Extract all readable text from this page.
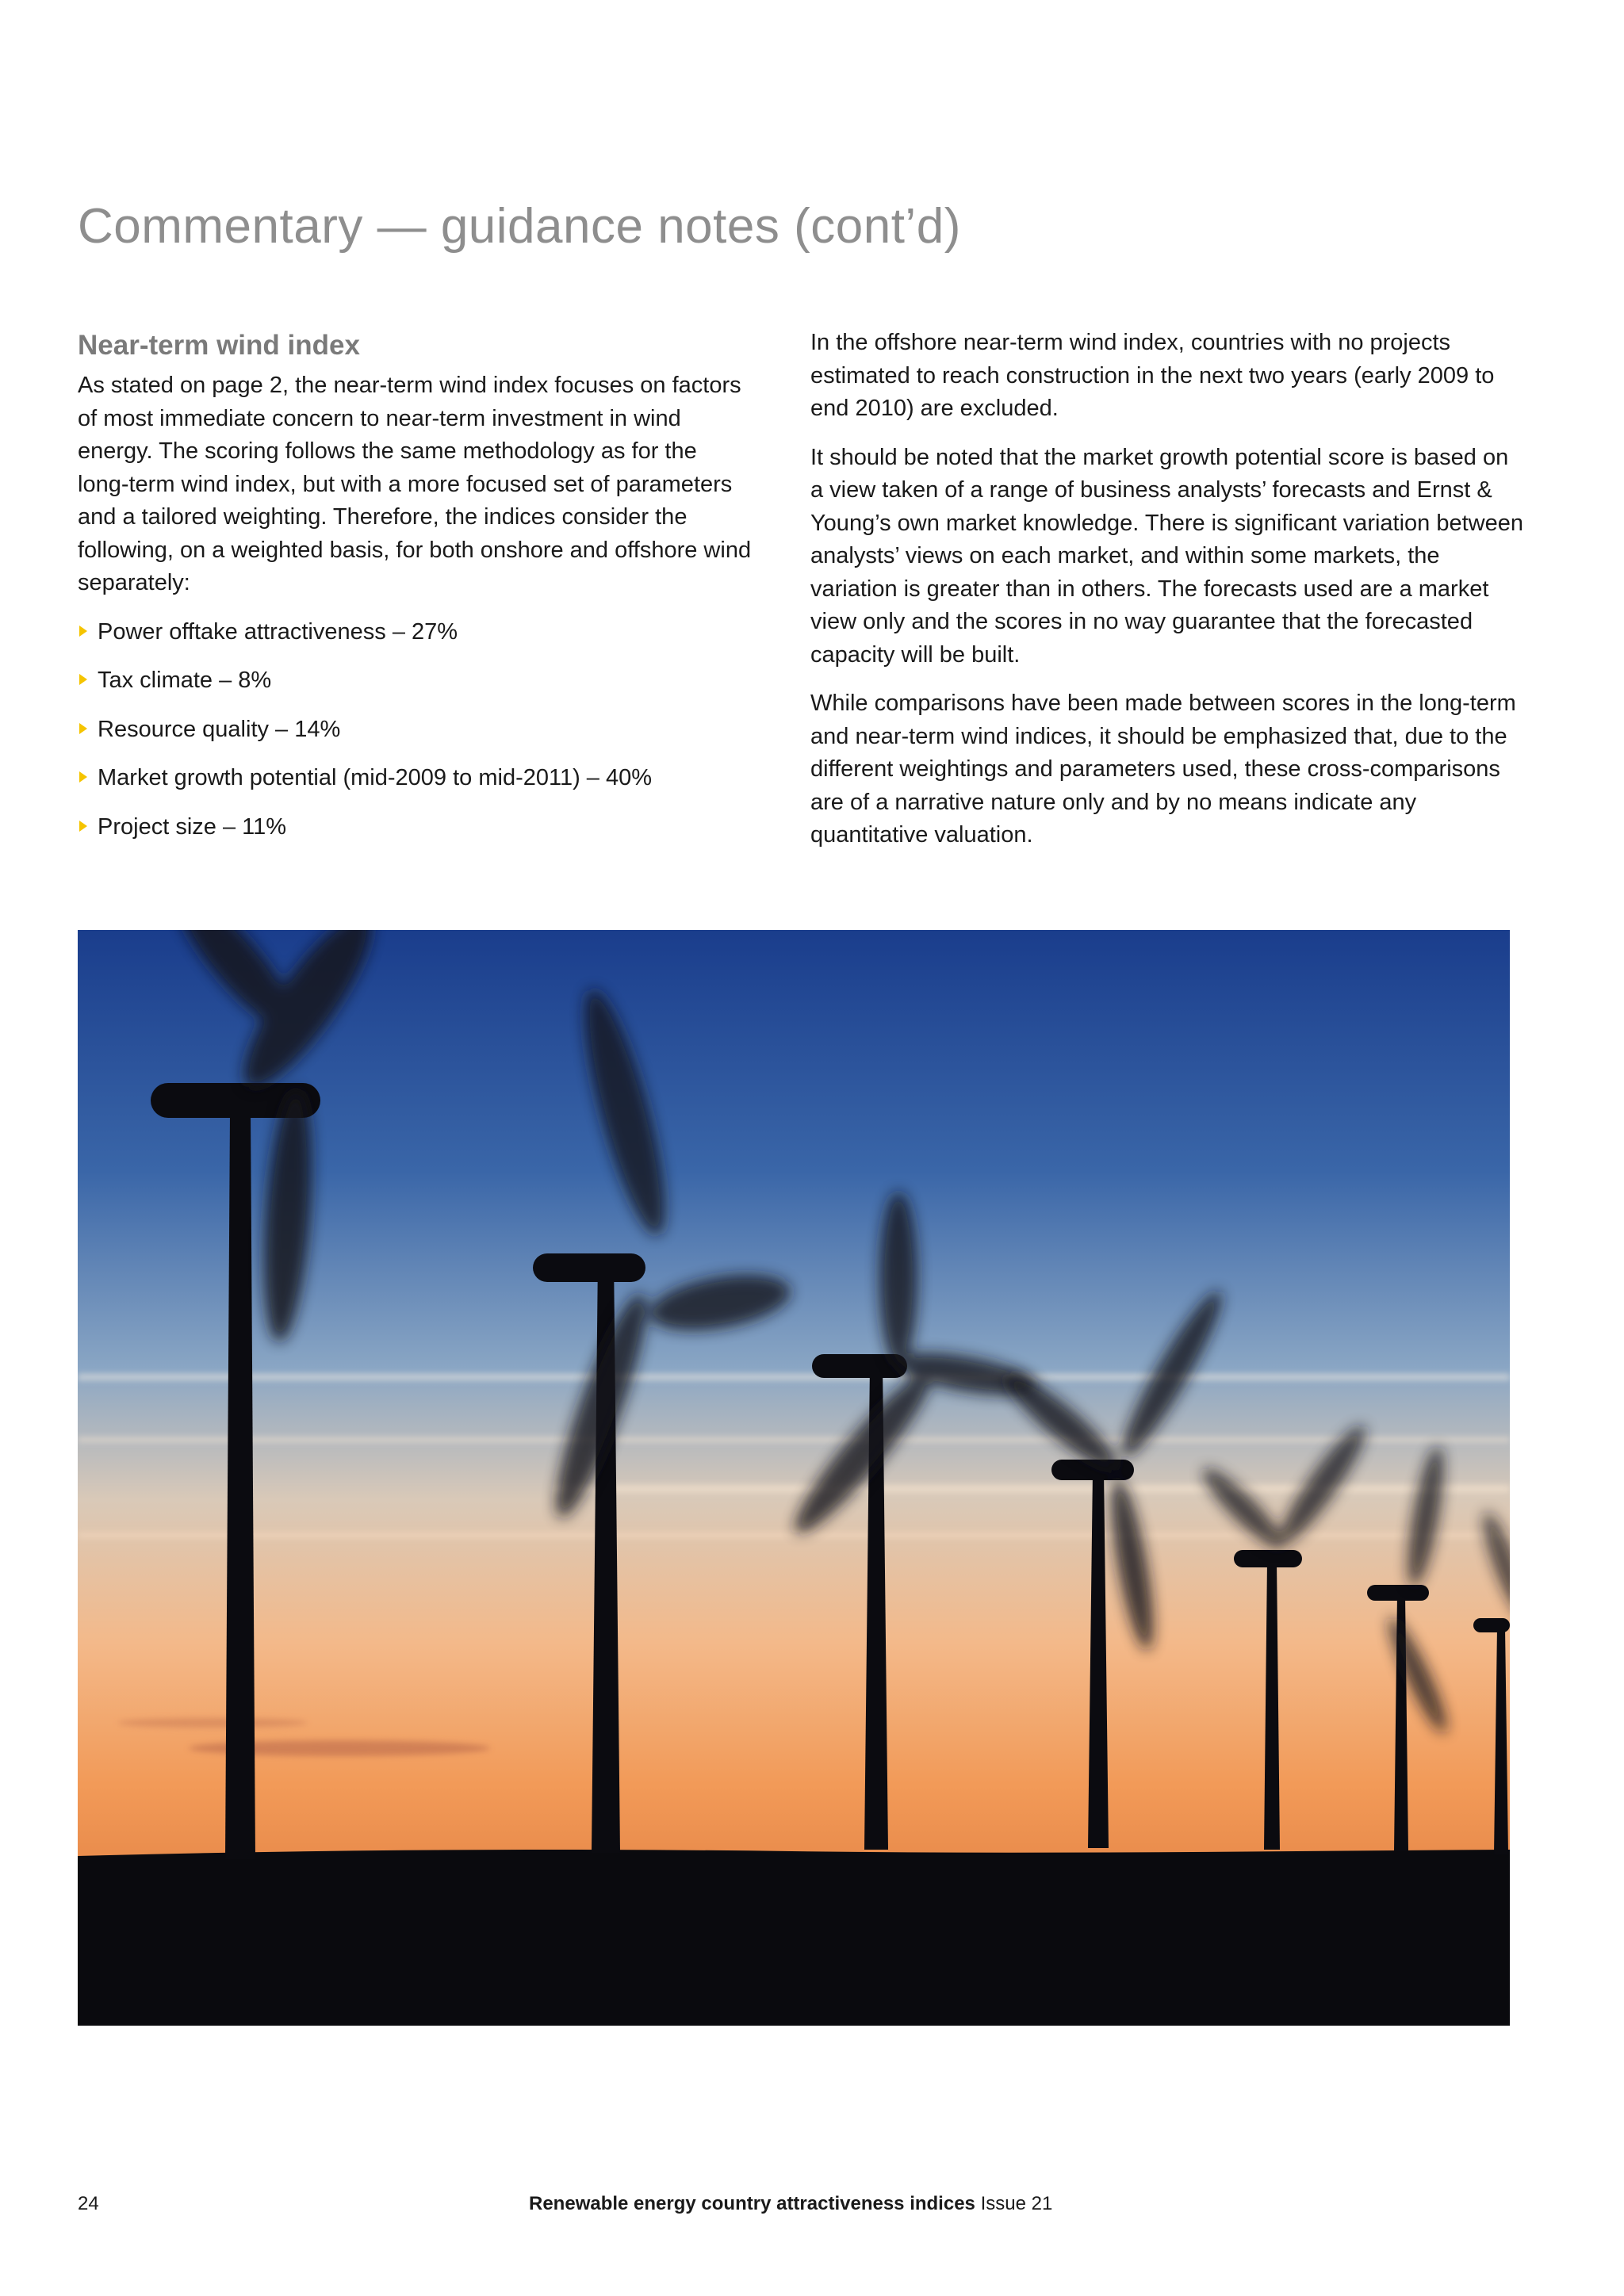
Commentary — guidance notes (cont’d)
Near-term wind index

As stated on page 2, the near-term wind index focuses on factors of most immediate concern to near-term investment in wind energy. The scoring follows the same methodology as for the long-term wind index, but with a more focused set of parameters and a tailored weighting. Therefore, the indices consider the following, on a weighted basis, for both onshore and offshore wind separately:

Power offtake attractiveness – 27%
Tax climate – 8%
Resource quality – 14%
Market growth potential (mid-2009 to mid-2011) – 40%
Project size – 11%

In the offshore near-term wind index, countries with no projects estimated to reach construction in the next two years (early 2009 to end 2010) are excluded.

It should be noted that the market growth potential score is based on a view taken of a range of business analysts’ forecasts and Ernst & Young’s own market knowledge. There is significant variation between analysts’ views on each market, and within some markets, the variation is greater than in others. The forecasts used are a market view only and the scores in no way guarantee that the forecasted capacity will be built.

While comparisons have been made between scores in the long-term and near-term wind indices, it should be emphasized that, due to the different weightings and parameters used, these cross-comparisons are of a narrative nature only and by no means indicate any quantitative valuation.

24	Renewable energy country attractiveness indices Issue 21
